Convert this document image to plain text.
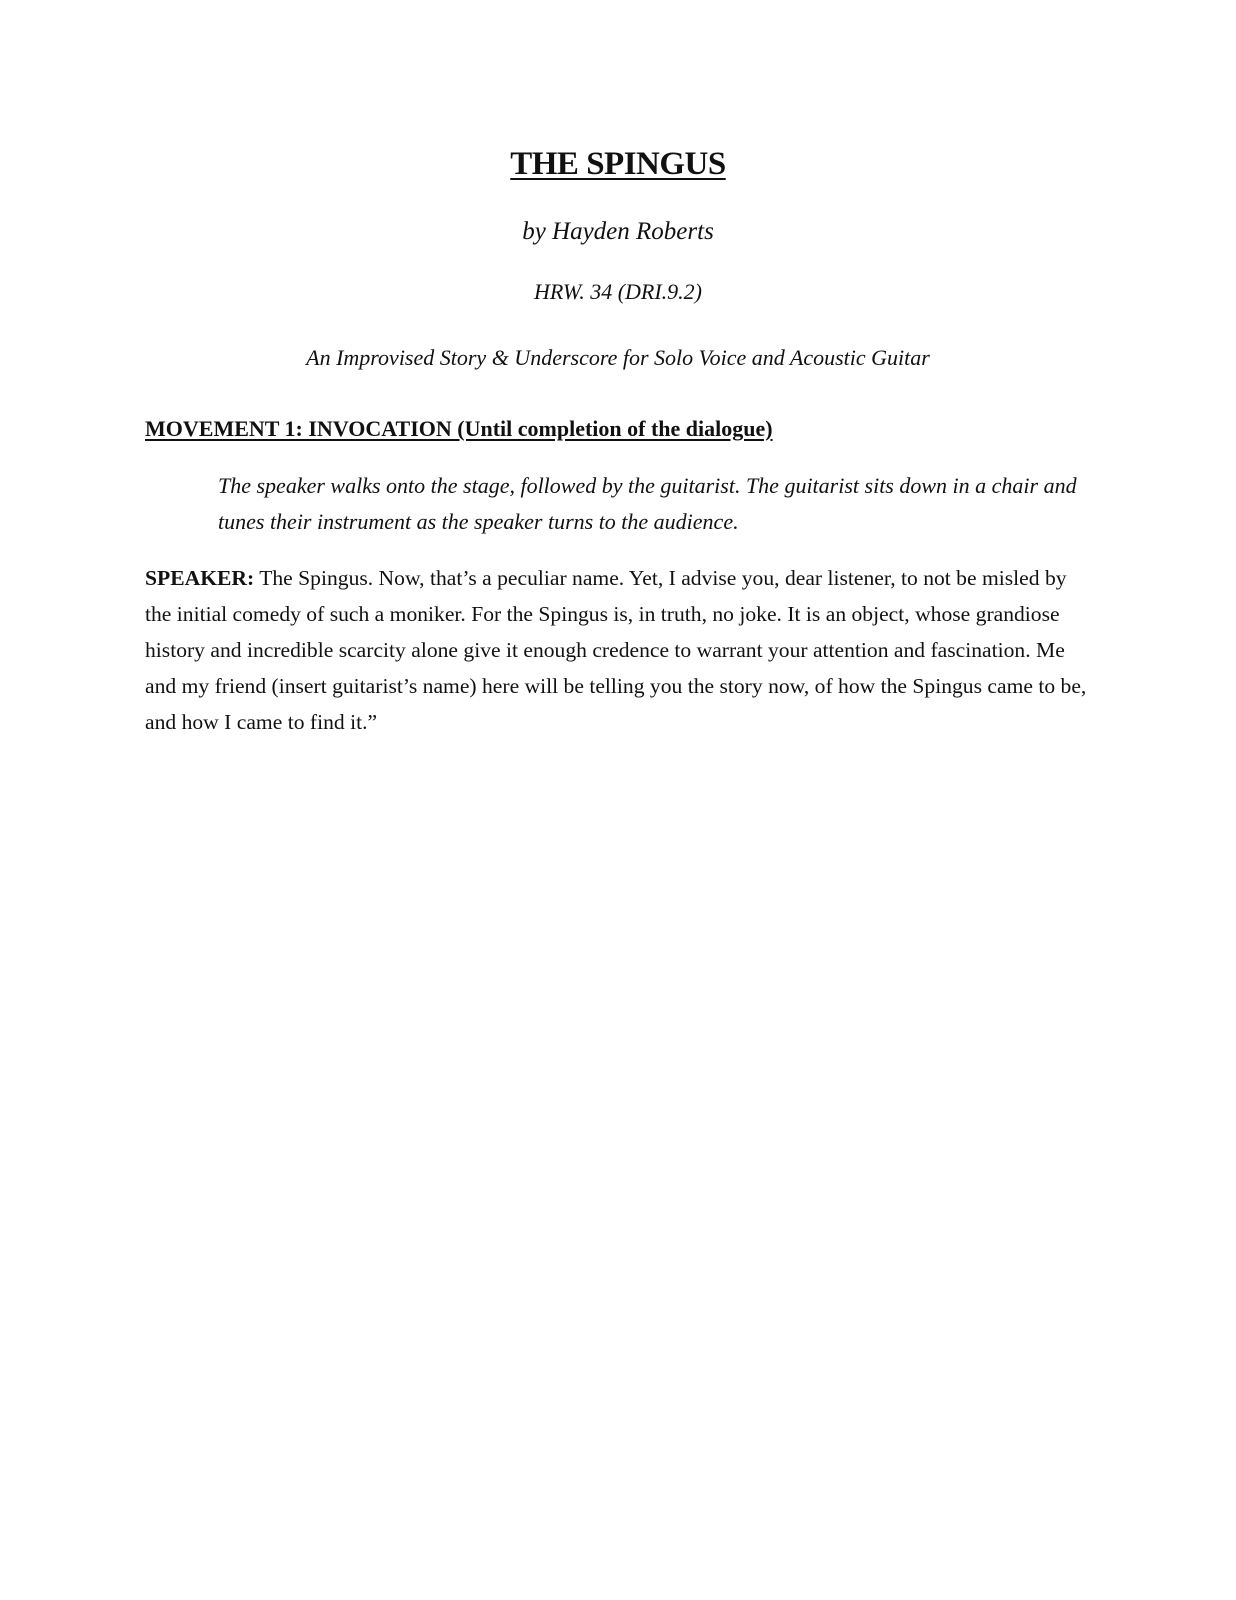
THE SPINGUS
by Hayden Roberts
HRW. 34 (DRI.9.2)
An Improvised Story & Underscore for Solo Voice and Acoustic Guitar
MOVEMENT 1: INVOCATION (Until completion of the dialogue)
The speaker walks onto the stage, followed by the guitarist. The guitarist sits down in a chair and tunes their instrument as the speaker turns to the audience.
SPEAKER: The Spingus. Now, that’s a peculiar name. Yet, I advise you, dear listener, to not be misled by the initial comedy of such a moniker. For the Spingus is, in truth, no joke. It is an object, whose grandiose history and incredible scarcity alone give it enough credence to warrant your attention and fascination. Me and my friend (insert guitarist’s name) here will be telling you the story now, of how the Spingus came to be, and how I came to find it.”
